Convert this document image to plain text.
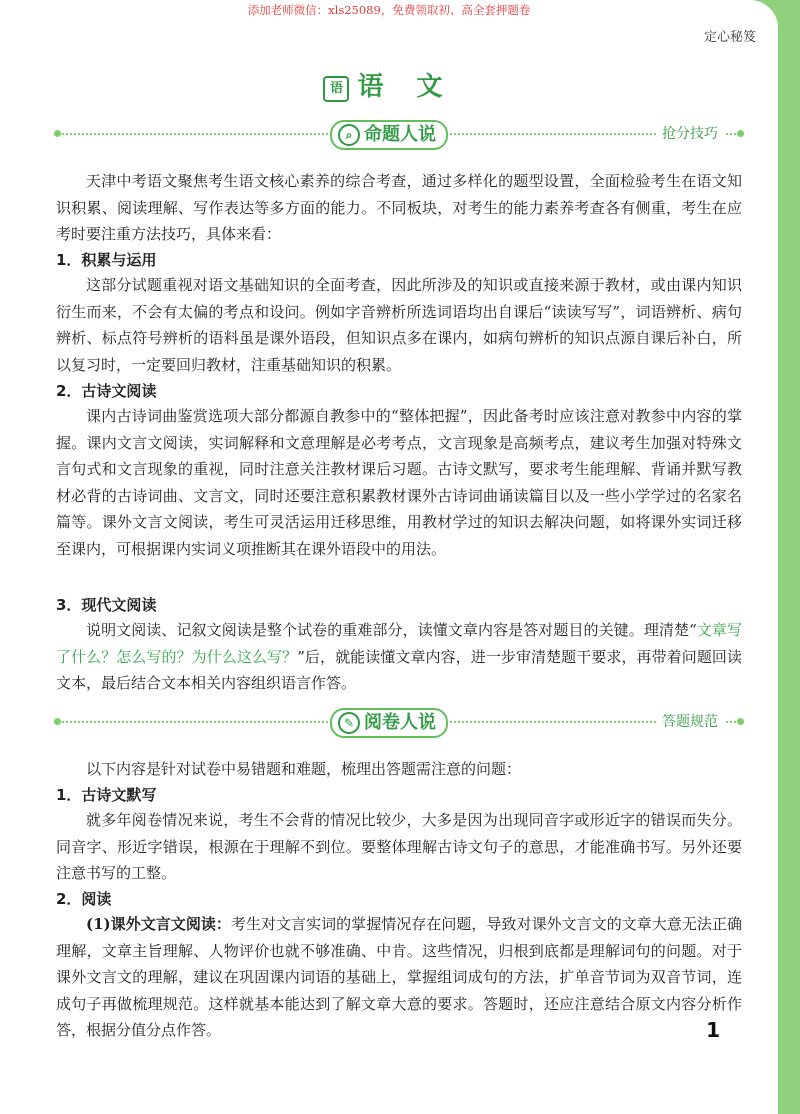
添加老师微信：xls25089，免费领取初、高全套押题卷
定心秘笈
语 语 文
⌕ 命题人说	抢分技巧
天津中考语文聚焦考生语文核心素养的综合考查，通过多样化的题型设置，全面检验考生在语文知识积累、阅读理解、写作表达等多方面的能力。不同板块，对考生的能力素养考查各有侧重，考生在应考时要注重方法技巧，具体来看：
1．积累与运用
这部分试题重视对语文基础知识的全面考查，因此所涉及的知识或直接来源于教材，或由课内知识衍生而来，不会有太偏的考点和设问。例如字音辨析所选词语均出自课后“读读写写”，词语辨析、病句辨析、标点符号辨析的语料虽是课外语段，但知识点多在课内，如病句辨析的知识点源自课后补白，所以复习时，一定要回归教材，注重基础知识的积累。
2．古诗文阅读
课内古诗词曲鉴赏选项大部分都源自教参中的“整体把握”，因此备考时应该注意对教参中内容的掌握。课内文言文阅读，实词解释和文意理解是必考考点，文言现象是高频考点，建议考生加强对特殊文言句式和文言现象的重视，同时注意关注教材课后习题。古诗文默写，要求考生能理解、背诵并默写教材必背的古诗词曲、文言文，同时还要注意积累教材课外古诗词曲诵读篇目以及一些小学学过的名家名篇等。课外文言文阅读，考生可灵活运用迁移思维，用教材学过的知识去解决问题，如将课外实词迁移至课内，可根据课内实词义项推断其在课外语段中的用法。
3．现代文阅读
说明文阅读、记叙文阅读是整个试卷的重难部分，读懂文章内容是答对题目的关键。理清楚“文章写了什么？怎么写的？为什么这么写？”后，就能读懂文章内容，进一步审清楚题干要求，再带着问题回读文本，最后结合文本相关内容组织语言作答。
✎ 阅卷人说	答题规范
以下内容是针对试卷中易错题和难题，梳理出答题需注意的问题：
1．古诗文默写
就多年阅卷情况来说，考生不会背的情况比较少，大多是因为出现同音字或形近字的错误而失分。同音字、形近字错误，根源在于理解不到位。要整体理解古诗文句子的意思，才能准确书写。另外还要注意书写的工整。
2．阅读
(1)课外文言文阅读：考生对文言实词的掌握情况存在问题，导致对课外文言文的文章大意无法正确理解，文章主旨理解、人物评价也就不够准确、中肯。这些情况，归根到底都是理解词句的问题。对于课外文言文的理解，建议在巩固课内词语的基础上，掌握组词成句的方法，扩单音节词为双音节词，连成句子再做梳理规范。这样就基本能达到了解文章大意的要求。答题时，还应注意结合原文内容分析作答，根据分值分点作答。	1
